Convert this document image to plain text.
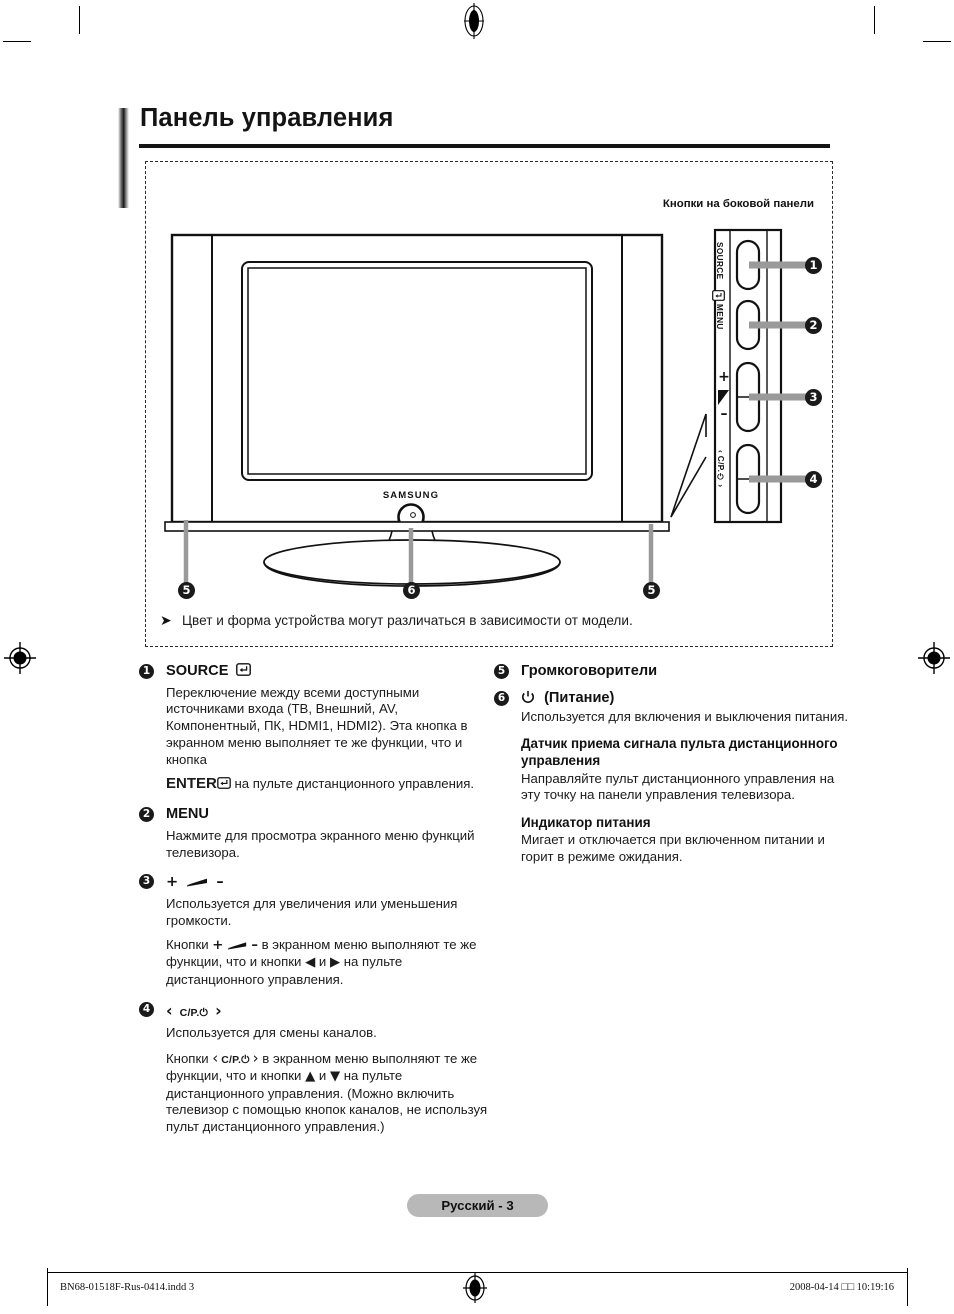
Панель управления
Кнопки на боковой панели
SAMSUNG
+
–
SOURCE
MENU
‹ C/P.⏻ ›
1
2
3
4
5	6	5
➤ Цвет и форма устройства могут различаться в зависимости от модели.
1 SOURCE

Переключение между всеми доступными источниками входа (ТВ, Внешний, AV, Компонентный, ПК, HDMI1, HDMI2). Эта кнопка в экранном меню выполняет те же функции, что и кнопка

ENTER на пульте дистанционного управления.

2 MENU

Нажмите для просмотра экранного меню функций телевизора.

3 +	–

Используется для увеличения или уменьшения громкости.

Кнопки + – в экранном меню выполняют те же функции, что и кнопки ◀ и ▶ на пульте дистанционного управления.

4 ‹ C/P.⏻ ›

Используется для смены каналов.

Кнопки ‹ C/P.⏻ › в экранном меню выполняют те же функции, что и кнопки ▲ и ▼ на пульте дистанционного управления. (Можно включить телевизор с помощью кнопок каналов, не используя пульт дистанционного управления.)

5 Громкоговорители
6	(Питание)

Используется для включения и выключения питания.

Датчик приема сигнала пульта дистанционного управления
Направляйте пульт дистанционного управления на эту точку на панели управления телевизора.
Индикатор питания
Мигает и отключается при включенном питании и горит в режиме ожидания.
Русский - 3
BN68-01518F-Rus-0414.indd 3	2008-04-14 □□ 10:19:16
